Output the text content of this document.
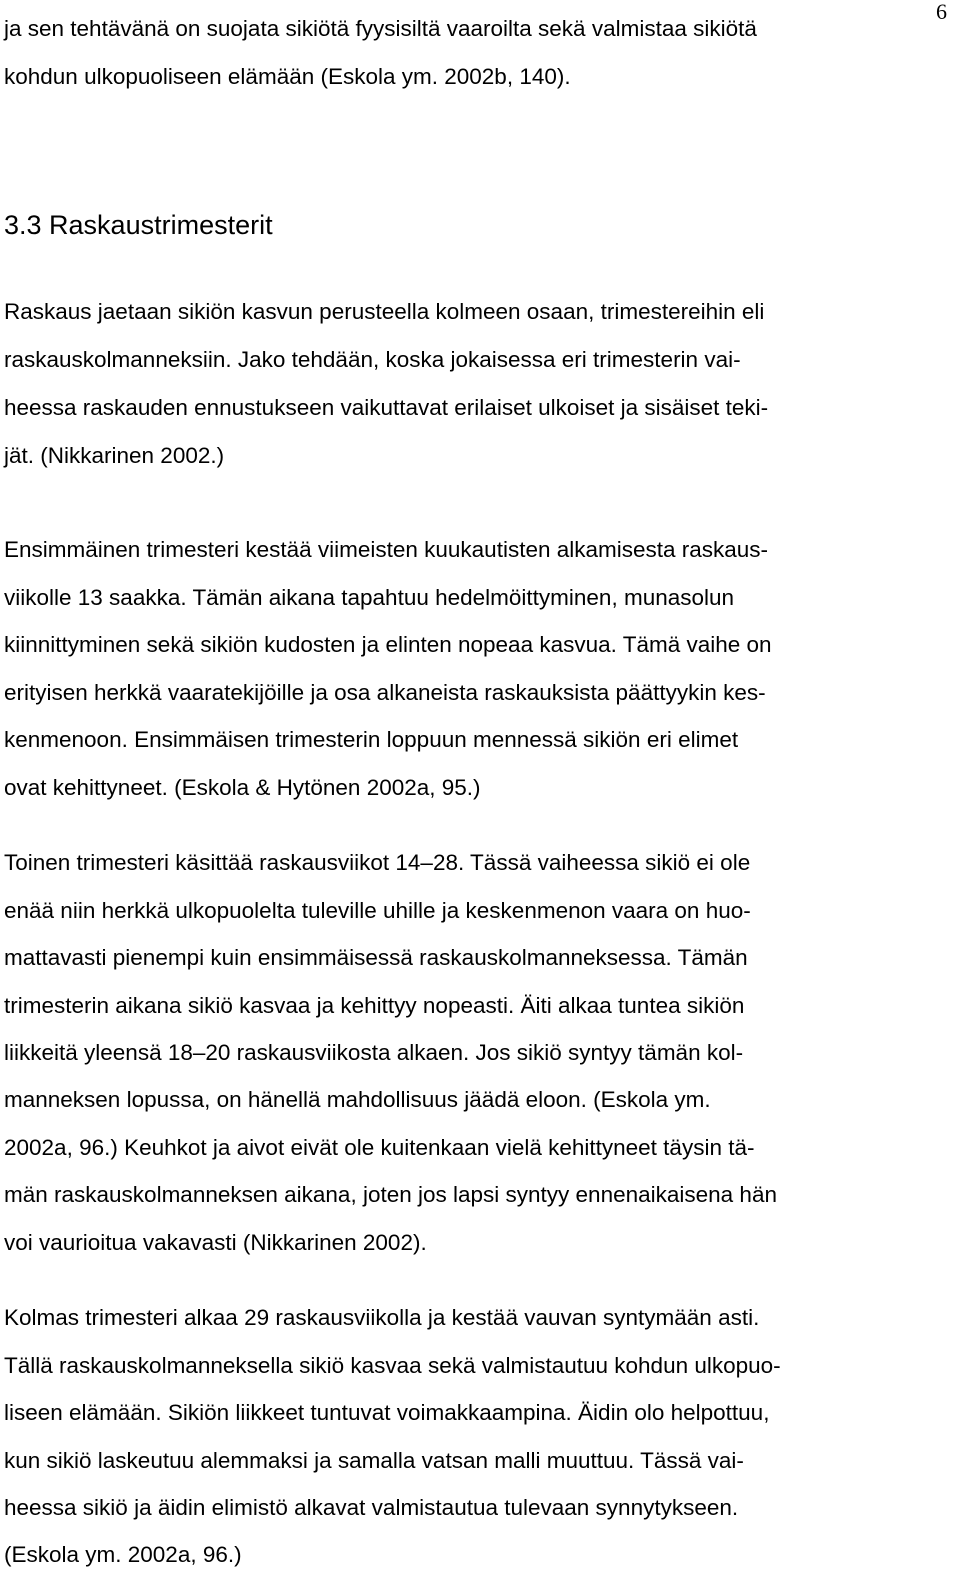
6
ja sen tehtävänä on suojata sikiötä fyysisiltä vaaroilta sekä valmistaa sikiötä
kohdun ulkopuoliseen elämään (Eskola ym. 2002b, 140).
3.3 Raskaustrimesterit
Raskaus jaetaan sikiön kasvun perusteella kolmeen osaan, trimestereihin eli
raskauskolmanneksiin. Jako tehdään, koska jokaisessa eri trimesterin vai-
heessa raskauden ennustukseen vaikuttavat erilaiset ulkoiset ja sisäiset teki-
jät. (Nikkarinen 2002.)
Ensimmäinen trimesteri kestää viimeisten kuukautisten alkamisesta raskaus-
viikolle 13 saakka. Tämän aikana tapahtuu hedelmöittyminen, munasolun
kiinnittyminen sekä sikiön kudosten ja elinten nopeaa kasvua. Tämä vaihe on
erityisen herkkä vaaratekijöille ja osa alkaneista raskauksista päättyykin kes-
kenmenoon. Ensimmäisen trimesterin loppuun mennessä sikiön eri elimet
ovat kehittyneet. (Eskola & Hytönen 2002a, 95.)
Toinen trimesteri käsittää raskausviikot 14–28. Tässä vaiheessa sikiö ei ole
enää niin herkkä ulkopuolelta tuleville uhille ja keskenmenon vaara on huo-
mattavasti pienempi kuin ensimmäisessä raskauskolmanneksessa. Tämän
trimesterin aikana sikiö kasvaa ja kehittyy nopeasti. Äiti alkaa tuntea sikiön
liikkeitä yleensä 18–20 raskausviikosta alkaen. Jos sikiö syntyy tämän kol-
manneksen lopussa, on hänellä mahdollisuus jäädä eloon. (Eskola ym.
2002a, 96.) Keuhkot ja aivot eivät ole kuitenkaan vielä kehittyneet täysin tä-
män raskauskolmanneksen aikana, joten jos lapsi syntyy ennenaikaisena hän
voi vaurioitua vakavasti (Nikkarinen 2002).
Kolmas trimesteri alkaa 29 raskausviikolla ja kestää vauvan syntymään asti.
Tällä raskauskolmanneksella sikiö kasvaa sekä valmistautuu kohdun ulkopuo-
liseen elämään. Sikiön liikkeet tuntuvat voimakkaampina. Äidin olo helpottuu,
kun sikiö laskeutuu alemmaksi ja samalla vatsan malli muuttuu. Tässä vai-
heessa sikiö ja äidin elimistö alkavat valmistautua tulevaan synnytykseen.
(Eskola ym. 2002a, 96.)
